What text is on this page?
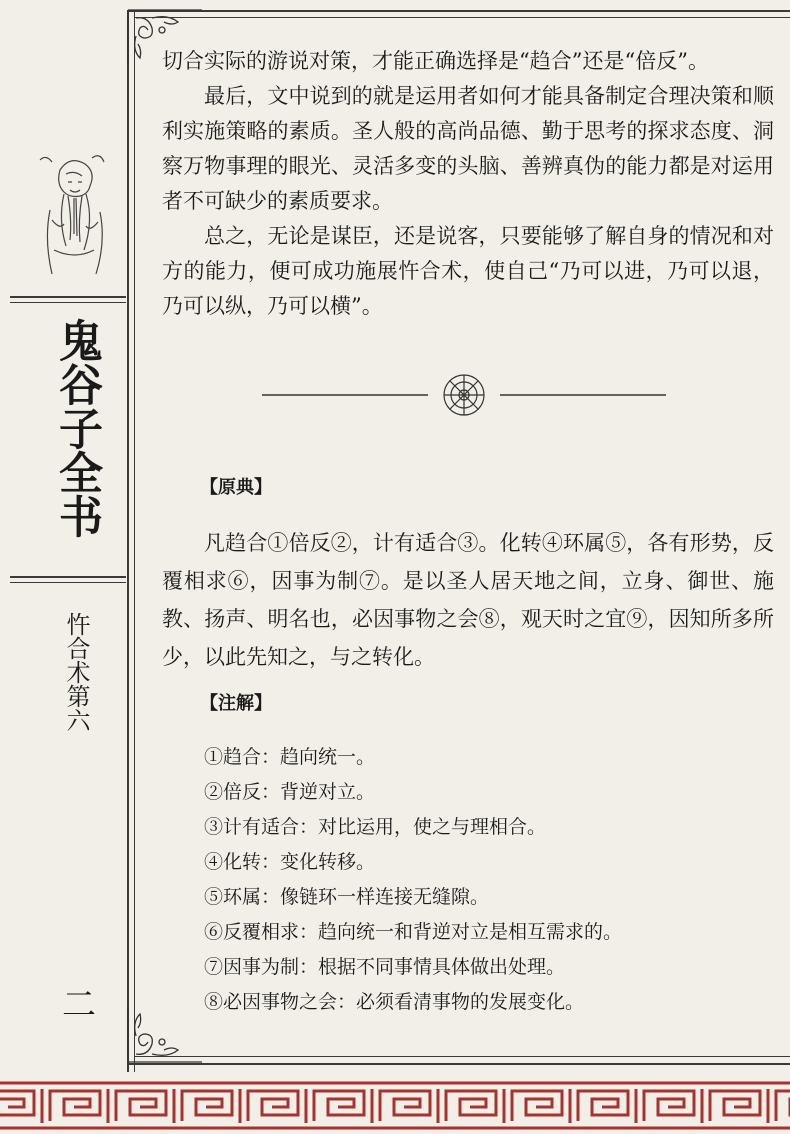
鬼谷子全书
忤合术第六
二

切合实际的游说对策，才能正确选择是“趋合”还是“倍反”。

最后，文中说到的就是运用者如何才能具备制定合理决策和顺利实施策略的素质。圣人般的高尚品德、勤于思考的探求态度、洞察万物事理的眼光、灵活多变的头脑、善辨真伪的能力都是对运用者不可缺少的素质要求。

总之，无论是谋臣，还是说客，只要能够了解自身的情况和对方的能力，便可成功施展忤合术，使自己“乃可以进，乃可以退，乃可以纵，乃可以横”。

【原典】

凡趋合①倍反②，计有适合③。化转④环属⑤，各有形势，反覆相求⑥，因事为制⑦。是以圣人居天地之间，立身、御世、施教、扬声、明名也，必因事物之会⑧，观天时之宜⑨，因知所多所少，以此先知之，与之转化。

【注解】

①趋合：趋向统一。

②倍反：背逆对立。

③计有适合：对比运用，使之与理相合。

④化转：变化转移。

⑤环属：像链环一样连接无缝隙。

⑥反覆相求：趋向统一和背逆对立是相互需求的。

⑦因事为制：根据不同事情具体做出处理。

⑧必因事物之会：必须看清事物的发展变化。
